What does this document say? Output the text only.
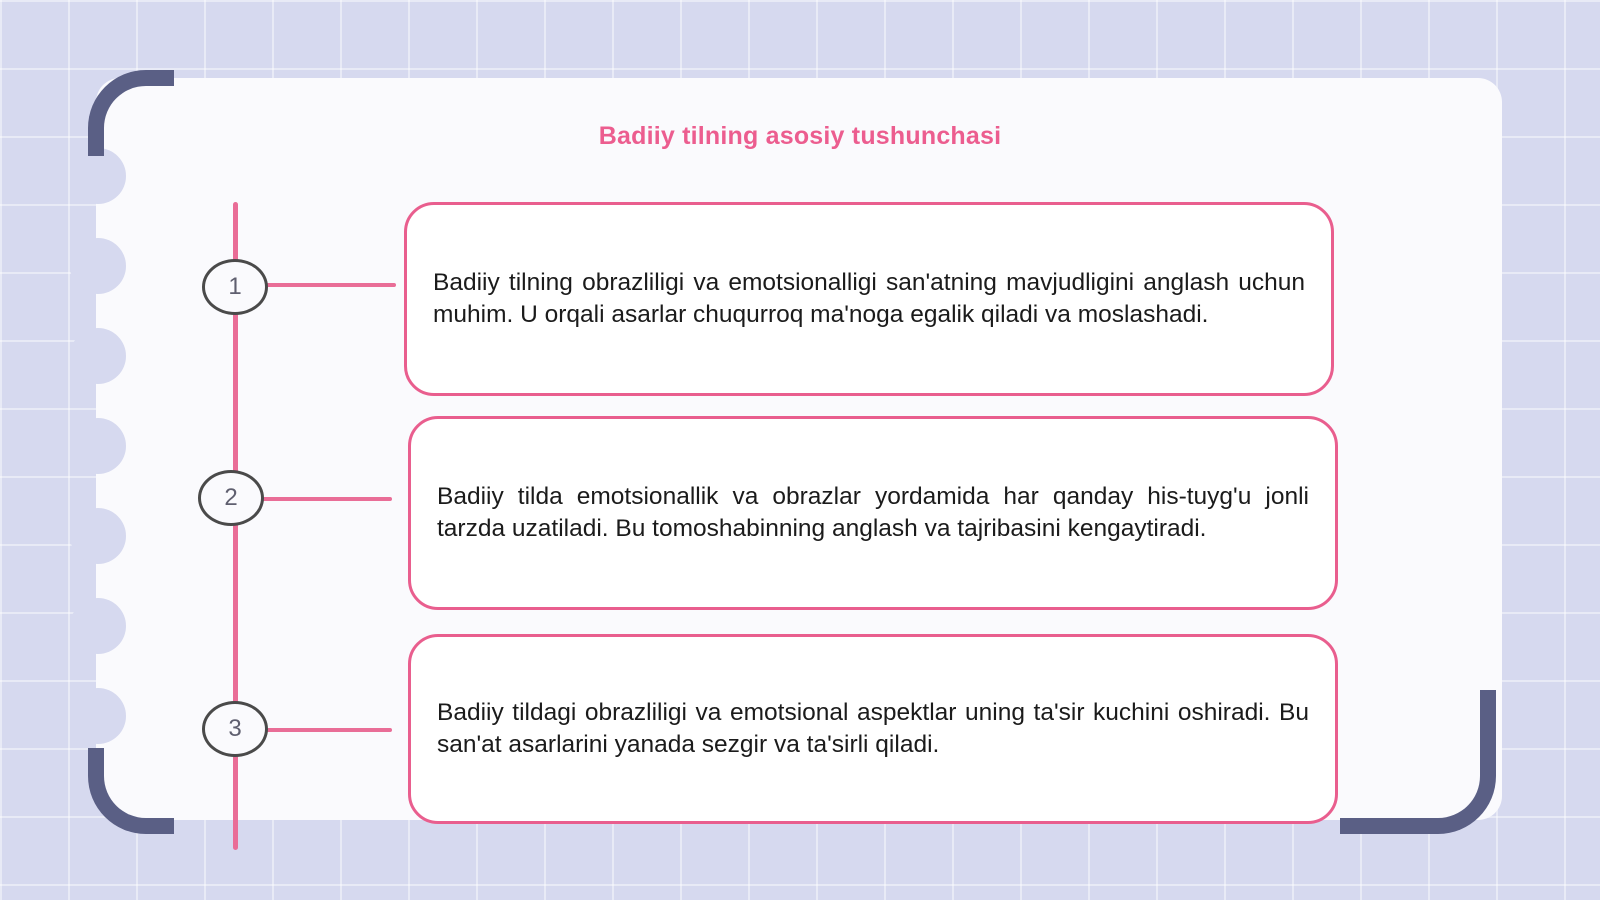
Badiiy tilning asosiy tushunchasi
1	Badiiy tilning obrazliligi va emotsionalligi san'atning mavjudligini anglash uchun muhim. U orqali asarlar chuqurroq ma'noga egalik qiladi va moslashadi.
2	Badiiy tilda emotsionallik va obrazlar yordamida har qanday his-tuyg'u jonli tarzda uzatiladi. Bu tomoshabinning anglash va tajribasini kengaytiradi.
3
Badiiy tildagi obrazliligi va emotsional aspektlar uning ta'sir kuchini oshiradi. Bu san'at asarlarini yanada sezgir va ta'sirli qiladi.
